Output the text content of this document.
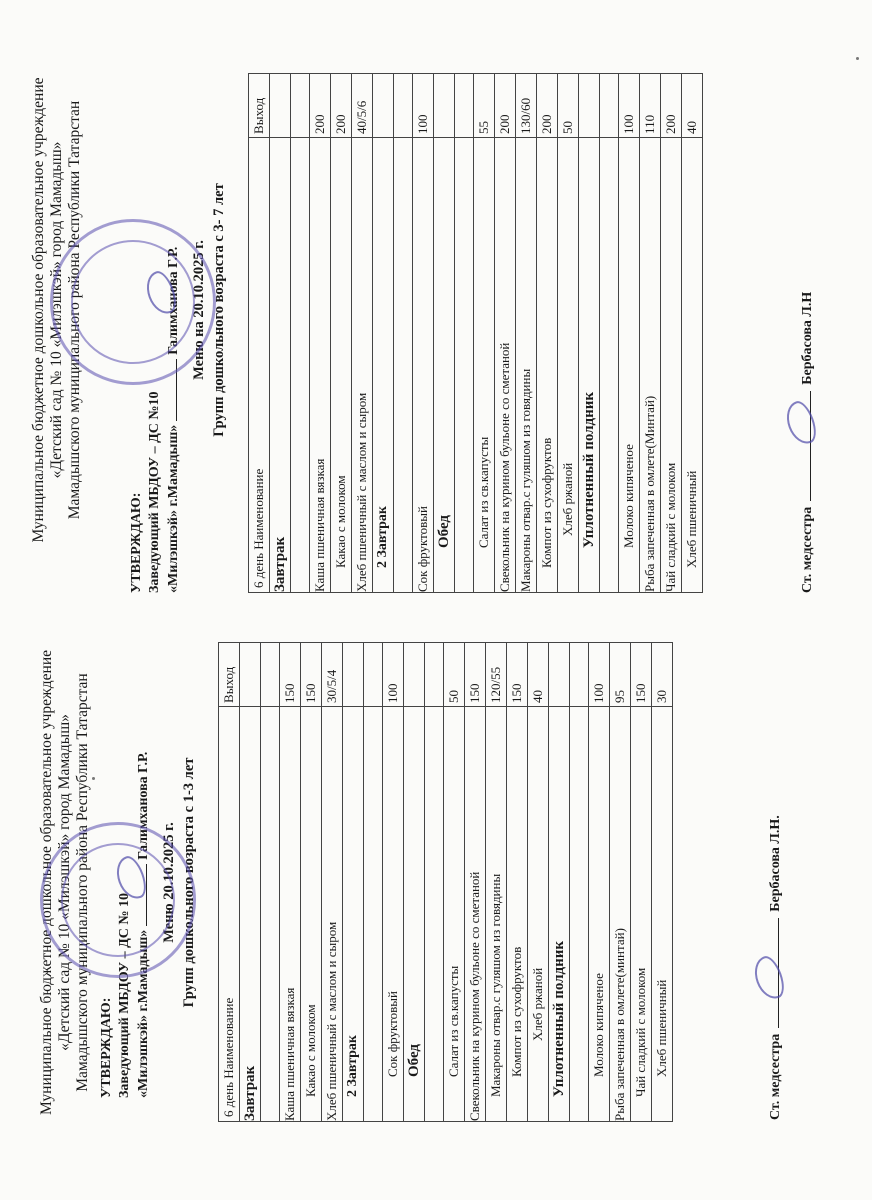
Муниципальное бюджетное дошкольное образовательное учреждение «Детский сад № 10 «Милэшкэй» город Мамадыш» Мамадышского муниципального района Республики Татарстан УТВЕРЖДАЮ: Заведующий МБДОУ – ДС № 10 «Милэшкэй» г.Мамадыш»Галимханова Г.Р.
Меню 20.10.2025 г. Групп дошкольного возраста с 1-3 лет
6 день Наименование	Выход
Завтрак	

Каша пшеничная вязкая	150
Какао с молоком	150
Хлеб пшеничный с маслом и сыром	30/5/4
2 Завтрак	

Сок фруктовый	100
Обед	

Салат из св.капусты	50
Свекольник на курином бульоне со сметаной	150
Макароны отвар.с гуляшом из говядины	120/55
Компот из сухофруктов	150
Хлеб ржаной	40
Уплотненный полдник	

Молоко кипяченое	100
Рыба запеченная в омлете(минтай)	95
Чай сладкий с молоком	150
Хлеб пшеничный	30
Ст. медсестраБербасова Л.Н.
Муниципальное бюджетное дошкольное образовательное учреждение «Детский сад № 10 «Милэшкэй» город Мамадыш» Мамадышского муниципального района Республики Татарстан
УТВЕРЖДАЮ: Заведующий МБДОУ – ДС №10 «Милэшкэй» г.Мамадыш»Галимханова Г.Р. Меню на 20.10.2025 г. Групп дошкольного возраста с 3- 7 лет
6 день Наименование	Выход
Завтрак	

Каша пшеничная вязкая	200
Какао с молоком	200
Хлеб пшеничный с маслом и сыром	40/5/6
2 Завтрак	

Сок фруктовый	100
Обед	

Салат из св.капусты	55
Свекольник на курином бульоне со сметаной	200
Макароны отвар.с гуляшом из говядины	130/60
Компот из сухофруктов	200
Хлеб ржаной	50
Уплотненный полдник	

Молоко кипяченое	100
Рыба запеченная в омлете(Минтай)	110
Чай сладкий с молоком	200
Хлеб пшеничный	40
Ст. медсестраБербасова Л.Н
